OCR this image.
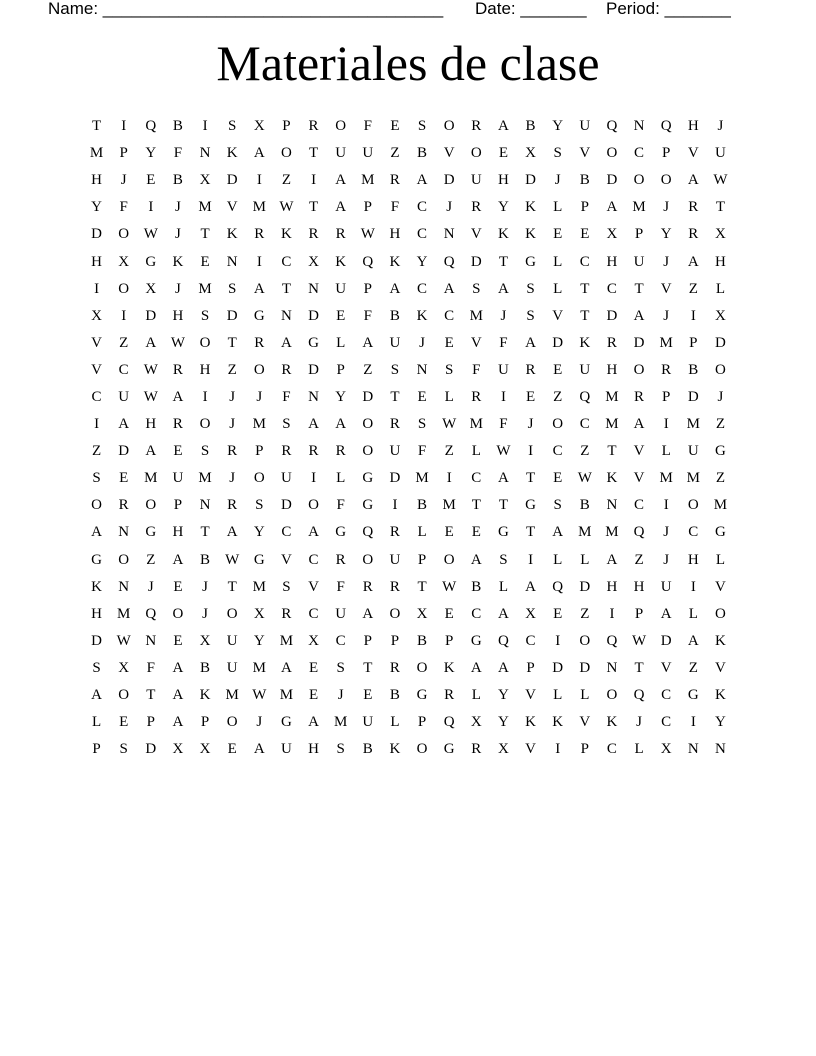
Name: ____________________________________ Date: _______ Period: _______
Materiales de clase
T	I	Q	B	I	S	X	P	R	O	F	E	S	O	R	A	B	Y	U	Q	N	Q	H	J
M	P	Y	F	N	K	A	O	T	U	U	Z	B	V	O	E	X	S	V	O	C	P	V	U
H	J	E	B	X	D	I	Z	I	A	M	R	A	D	U	H	D	J	B	D	O	O	A W
Y	F	I	J	M	V	M W	T	A	P	F	C	J	R	Y	K	L	P	A	M	J	R	T
D	O W	J	T	K	R	K	R	R	W H	C	N	V	K	K	E	E	X	P	Y	R	X
H	X	G	K	E	N	I	C	X	K	Q	K	Y	Q	D	T	G	L	C	H	U	J	A	H
I	O	X	J	M	S	A	T	N	U	P	A	C	A	S	A	S	L	T	C	T	V	Z	L
X	I	D	H	S	D	G	N	D	E	F	B	K	C	M	J	S	V	T	D	A	J	I	X
V	Z	A W O	T	R	A	G	L	A	U	J	E	V	F	A	D	K	R	D	M	P	D
V	C	W	R	H	Z	O	R	D	P	Z	S	N	S	F	U	R	E	U	H	O	R	B	O
C	U W A	I	J	J	F	N	Y	D	T	E	L	R	I	E	Z	Q	M	R	P	D	J
I	A	H	R	O	J	M	S	A	A	O	R	S	W M	F	J	O	C	M	A	I	M	Z
Z	D	A	E	S	R	P	R	R	R	O	U	F	Z	L	W	I	C	Z	T	V	L	U	G
S	E	M	U	M	J	O	U	I	L	G	D	M	I	C	A	T	E	W K	V	M M	Z
O	R	O	P	N	R	S	D	O	F	G	I	B	M	T	T	G	S	B	N	C	I	O	M
A	N	G	H	T	A	Y	C	A	G	Q	R	L	E	E	G	T	A	M M	Q	J	C	G
G	O	Z	A	B	W G	V	C	R	O	U	P	O	A	S	I	L	L	A	Z	J	H	L
K	N	J	E	J	T	M	S	V	F	R	R	T	W	B	L	A	Q	D	H	H	U	I	V
H	M	Q	O	J	O	X	R	C	U	A	O	X	E	C	A	X	E	Z	I	P	A	L	O
D W N	E	X	U	Y	M	X	C	P	P	B	P	G	Q	C	I	O	Q W D	A	K
S	X	F	A	B	U	M	A	E	S	T	R	O	K	A	A	P	D	D	N	T	V	Z	V
A	O	T	A	K	M W M	E	J	E	B	G	R	L	Y	V	L	L	O	Q	C	G	K
L	E	P	A	P	O	J	G	A	M	U	L	P	Q	X	Y	K	K	V	K	J	C	I	Y
P	S	D	X	X	E	A	U	H	S	B	K	O	G	R	X	V	I	P	C	L	X	N	N
